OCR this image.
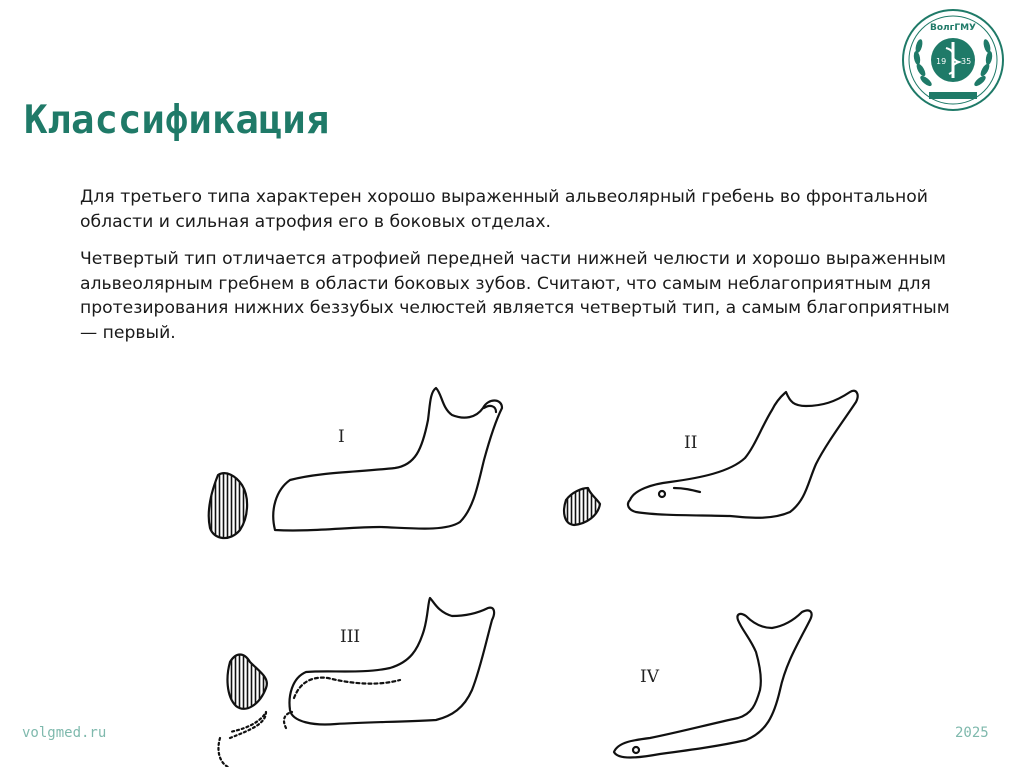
19 35
ВолгГМУ
Классификация

Для третьего типа характерен хорошо выраженный альвеолярный гребень во фронтальной области и сильная атрофия его в боковых отделах.

Четвертый тип отличается атрофией передней части нижней челюсти и хорошо выраженным альвеолярным гребнем в области боковых зубов. Считают, что самым неблагоприятным для протезирования нижних беззубых челюстей является четвертый тип, а самым благоприятным — первый.

I	II
III
IV
volgmed.ru	2025
